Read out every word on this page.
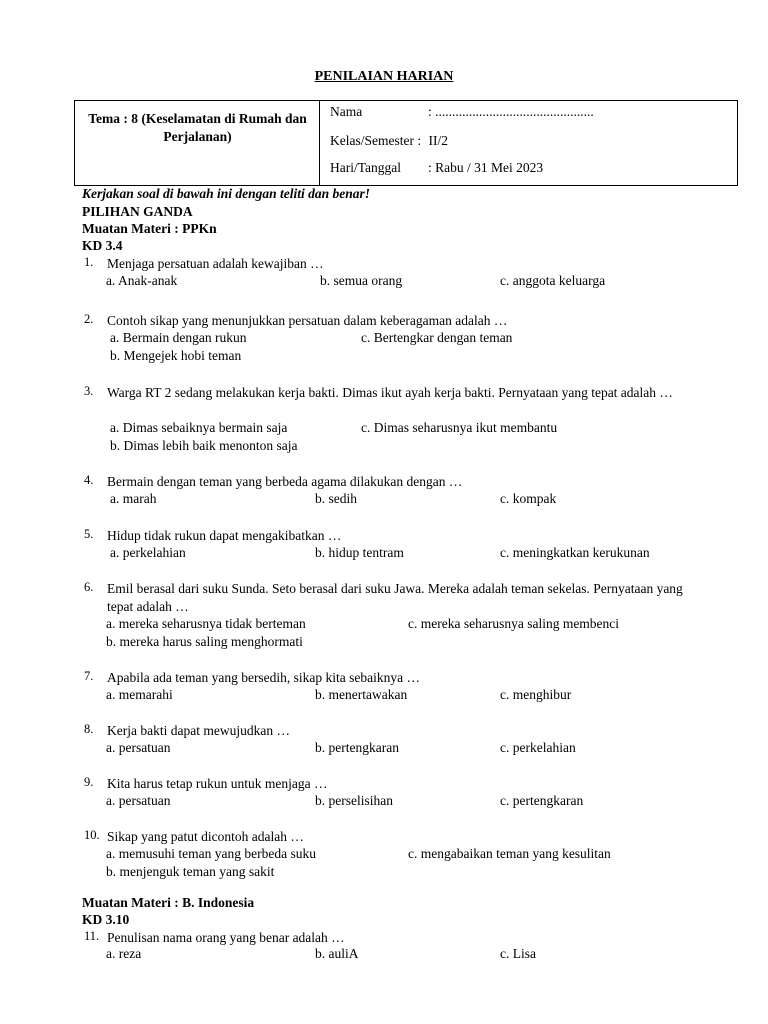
PENILAIAN HARIAN
Tema : 8 (Keselamatan di Rumah dan Perjalanan)
Nama	: ...............................................
Kelas/Semester : II/2
Hari/Tanggal : Rabu / 31 Mei 2023
Kerjakan soal di bawah ini dengan teliti dan benar!
PILIHAN GANDA
Muatan Materi : PPKn
KD 3.4
1. Menjaga persatuan adalah kewajiban …
a. Anak-anak	b. semua orang	c. anggota keluarga
2. Contoh sikap yang menunjukkan persatuan dalam keberagaman adalah …
a. Bermain dengan rukun
b. Mengejek hobi teman
c. Bertengkar dengan teman
3. Warga RT 2 sedang melakukan kerja bakti. Dimas ikut ayah kerja bakti. Pernyataan yang tepat adalah …
a. Dimas sebaiknya bermain saja
b. Dimas lebih baik menonton saja
c. Dimas seharusnya ikut membantu
4. Bermain dengan teman yang berbeda agama dilakukan dengan …
a. marah	b. sedih	c. kompak
5. Hidup tidak rukun dapat mengakibatkan …
a. perkelahian	b. hidup tentram	c. meningkatkan kerukunan
6. Emil berasal dari suku Sunda. Seto berasal dari suku Jawa. Mereka adalah teman sekelas. Pernyataan yang tepat adalah …
a. mereka seharusnya tidak berteman
b. mereka harus saling menghormati
c. mereka seharusnya saling membenci
7. Apabila ada teman yang bersedih, sikap kita sebaiknya …
a. memarahi	b. menertawakan	c. menghibur
8. Kerja bakti dapat mewujudkan …
a. persatuan	b. pertengkaran	c. perkelahian
9. Kita harus tetap rukun untuk menjaga …
a. persatuan	b. perselisihan	c. pertengkaran
10. Sikap yang patut dicontoh adalah …
a. memusuhi teman yang berbeda suku
b. menjenguk teman yang sakit
c. mengabaikan teman yang kesulitan
Muatan Materi : B. Indonesia
KD 3.10
11. Penulisan nama orang yang benar adalah …
a. reza	b. auliA	c. Lisa
